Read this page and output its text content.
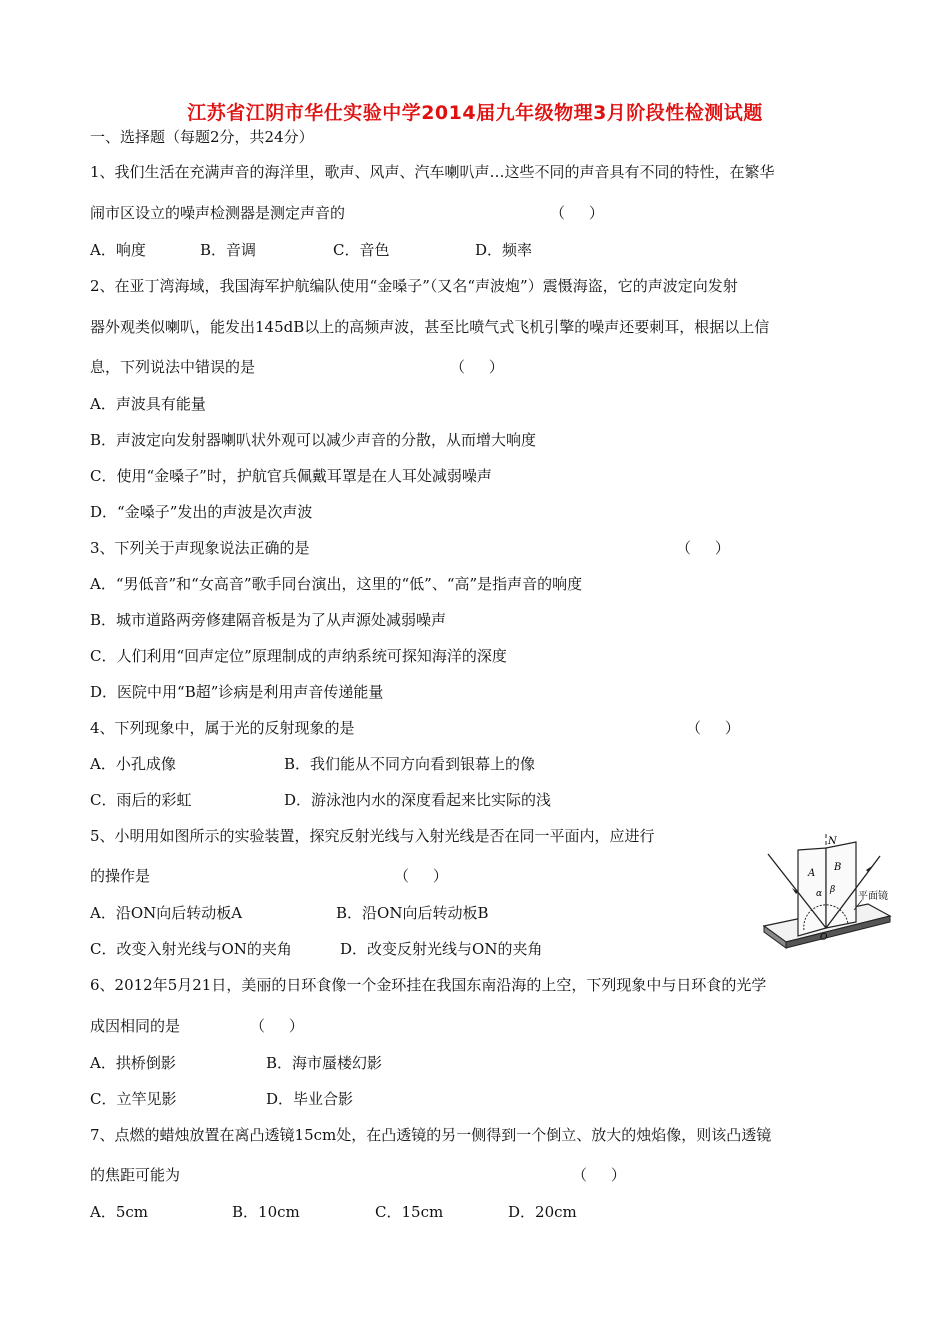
江苏省江阴市华仕实验中学2014届九年级物理3月阶段性检测试题
一、选择题（每题2分，共24分）
1、我们生活在充满声音的海洋里，歌声、风声、汽车喇叭声…这些不同的声音具有不同的特性，在繁华
闹市区设立的噪声检测器是测定声音的	（     ）
A．响度	B．音调	C．音色	D．频率
2、在亚丁湾海域，我国海军护航编队使用“金嗓子”（又名“声波炮”）震慑海盗，它的声波定向发射
器外观类似喇叭，能发出145dB以上的高频声波，甚至比喷气式飞机引擎的噪声还要刺耳，根据以上信
息，下列说法中错误的是	（     ）
A．声波具有能量
B．声波定向发射器喇叭状外观可以减少声音的分散，从而增大响度
C．使用“金嗓子”时，护航官兵佩戴耳罩是在人耳处减弱噪声
D．“金嗓子”发出的声波是次声波
3、下列关于声现象说法正确的是	（     ）
A．“男低音”和“女高音”歌手同台演出，这里的“低”、“高”是指声音的响度
B．城市道路两旁修建隔音板是为了从声源处减弱噪声
C．人们利用“回声定位”原理制成的声纳系统可探知海洋的深度
D．医院中用“B超”诊病是利用声音传递能量
4、下列现象中，属于光的反射现象的是	（     ）
A．小孔成像	B．我们能从不同方向看到银幕上的像
C．雨后的彩虹	D．游泳池内水的深度看起来比实际的浅
5、小明用如图所示的实验装置，探究反射光线与入射光线是否在同一平面内，应进行
的操作是	（     ）
A．沿ON向后转动板A	B．沿ON向后转动板B
C．改变入射光线与ON的夹角	D．改变反射光线与ON的夹角
N
A
B
α β
O
平面镜
6、2012年5月21日，美丽的日环食像一个金环挂在我国东南沿海的上空，下列现象中与日环食的光学
成因相同的是	（     ）
A．拱桥倒影	B．海市蜃楼幻影
C．立竿见影	D．毕业合影
7、点燃的蜡烛放置在离凸透镜15cm处，在凸透镜的另一侧得到一个倒立、放大的烛焰像，则该凸透镜
的焦距可能为	（     ）
A．5cm	B．10cm	C．15cm	D．20cm
